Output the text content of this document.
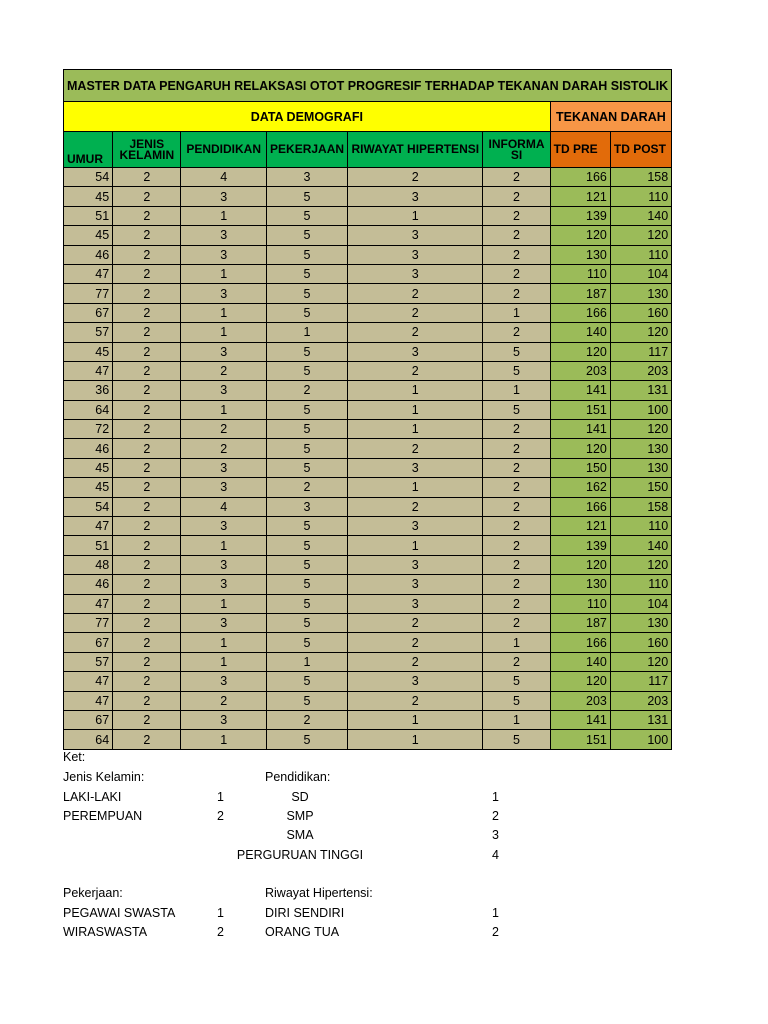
MASTER DATA PENGARUH RELAKSASI OTOT PROGRESIF TERHADAP TEKANAN DARAH SISTOLIK							
DATA DEMOGRAFI						TEKANAN DARAH	
UMUR	JENIS KELAMIN	PENDIDIKAN	PEKERJAAN	RIWAYAT HIPERTENSI	INFORMASI	TD PRE	TD POST
54	2	4	3	2	2	166	158
45	2	3	5	3	2	121	110
51	2	1	5	1	2	139	140
45	2	3	5	3	2	120	120
46	2	3	5	3	2	130	110
47	2	1	5	3	2	110	104
77	2	3	5	2	2	187	130
67	2	1	5	2	1	166	160
57	2	1	1	2	2	140	120
45	2	3	5	3	5	120	117
47	2	2	5	2	5	203	203
36	2	3	2	1	1	141	131
64	2	1	5	1	5	151	100
72	2	2	5	1	2	141	120
46	2	2	5	2	2	120	130
45	2	3	5	3	2	150	130
45	2	3	2	1	2	162	150
54	2	4	3	2	2	166	158
47	2	3	5	3	2	121	110
51	2	1	5	1	2	139	140
48	2	3	5	3	2	120	120
46	2	3	5	3	2	130	110
47	2	1	5	3	2	110	104
77	2	3	5	2	2	187	130
67	2	1	5	2	1	166	160
57	2	1	1	2	2	140	120
47	2	3	5	3	5	120	117
47	2	2	5	2	5	203	203
67	2	3	2	1	1	141	131
64	2	1	5	1	5	151	100
Ket:
Jenis Kelamin:
LAKI-LAKI	1
PEREMPUAN	2
Pendidikan:
SD	1
SMP	2
SMA	3
PERGURUAN TINGGI	4
Pekerjaan:
PEGAWAI SWASTA	1
WIRASWASTA	2
Riwayat Hipertensi:
DIRI SENDIRI	1
ORANG TUA	2
